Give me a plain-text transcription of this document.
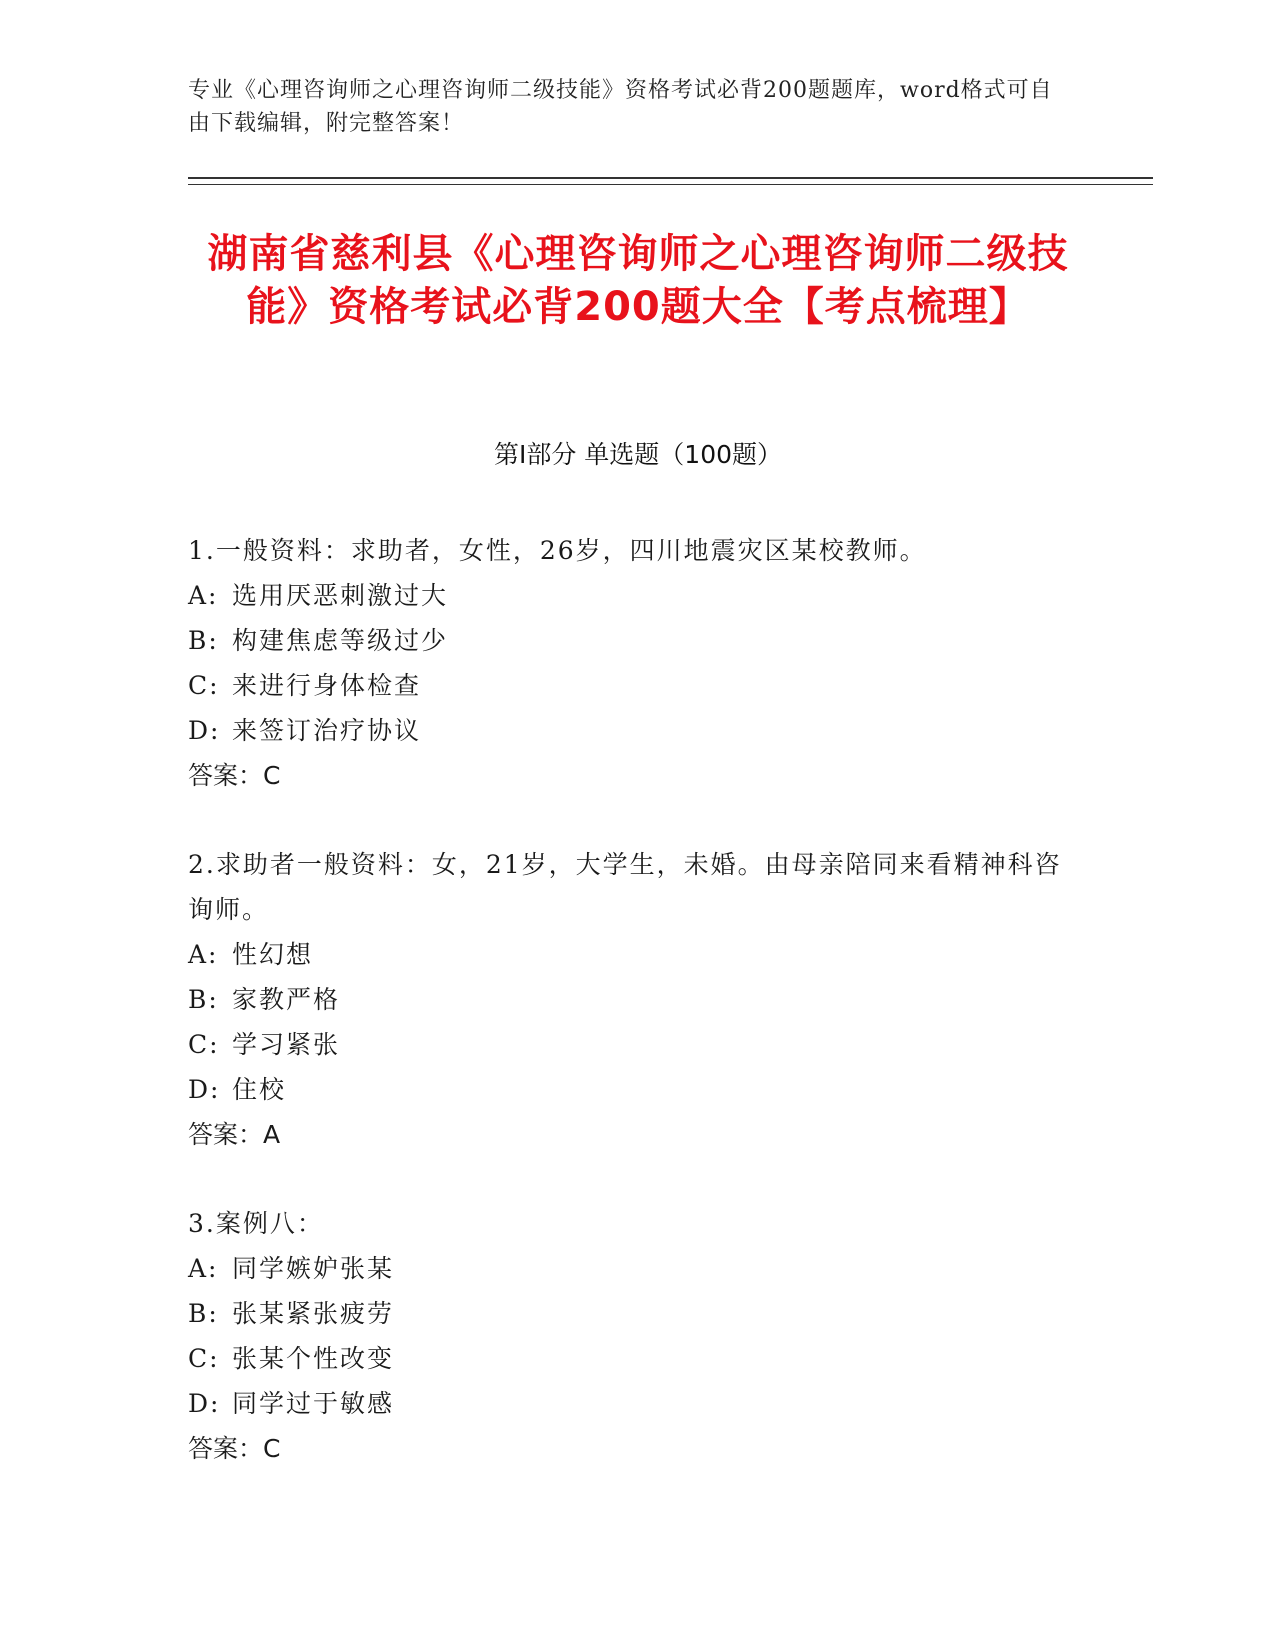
专业《心理咨询师之心理咨询师二级技能》资格考试必背200题题库，word格式可自由下载编辑，附完整答案！
湖南省慈利县《心理咨询师之心理咨询师二级技能》资格考试必背200题大全【考点梳理】
第Ⅰ部分 单选题（100题）

1.一般资料：求助者，女性，26岁，四川地震灾区某校教师。

A: 选用厌恶刺激过大

B: 构建焦虑等级过少

C: 来进行身体检查

D: 来签订治疗协议

答案：C

2.求助者一般资料：女，21岁，大学生，未婚。由母亲陪同来看精神科咨询师。

A: 性幻想

B: 家教严格

C: 学习紧张

D: 住校

答案：A

3.案例八：

A: 同学嫉妒张某

B: 张某紧张疲劳

C: 张某个性改变

D: 同学过于敏感

答案：C
